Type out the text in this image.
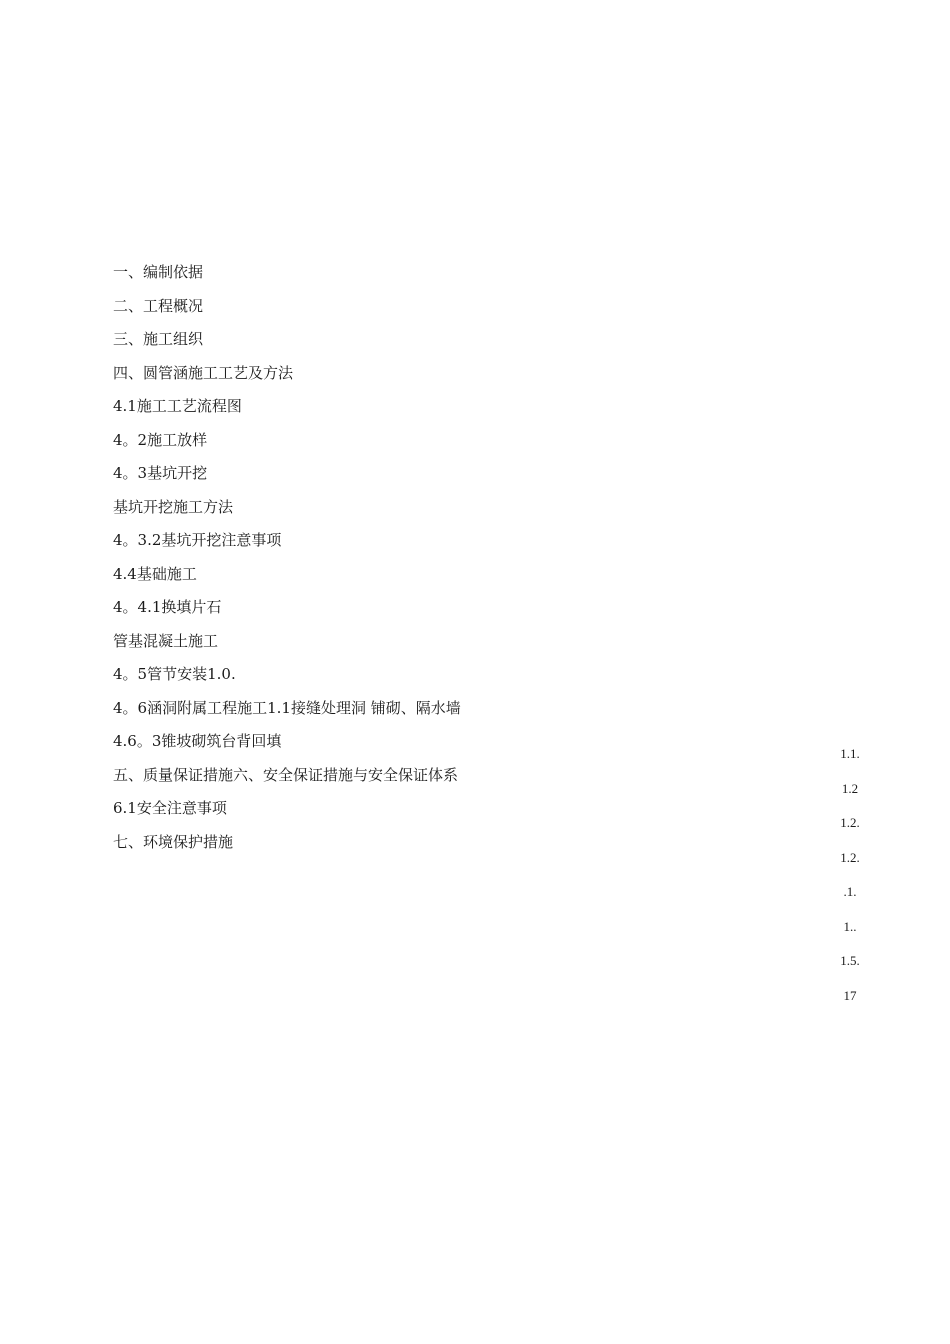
一、编制依据
二、工程概况
三、施工组织
四、圆管涵施工工艺及方法
4.1施工工艺流程图
4。2施工放样
4。3基坑开挖
基坑开挖施工方法
4。3.2基坑开挖注意事项
4.4基础施工
4。4.1换填片石
管基混凝土施工
4。5管节安装1.0.
4。6涵洞附属工程施工1.1接缝处理洞 铺砌、隔水墙
4.6。3锥坡砌筑台背回填
五、质量保证措施六、安全保证措施与安全保证体系
6.1安全注意事项
七、环境保护措施
1.1.
1.2
1.2.
1.2.
.1.
1..
1.5.
17
